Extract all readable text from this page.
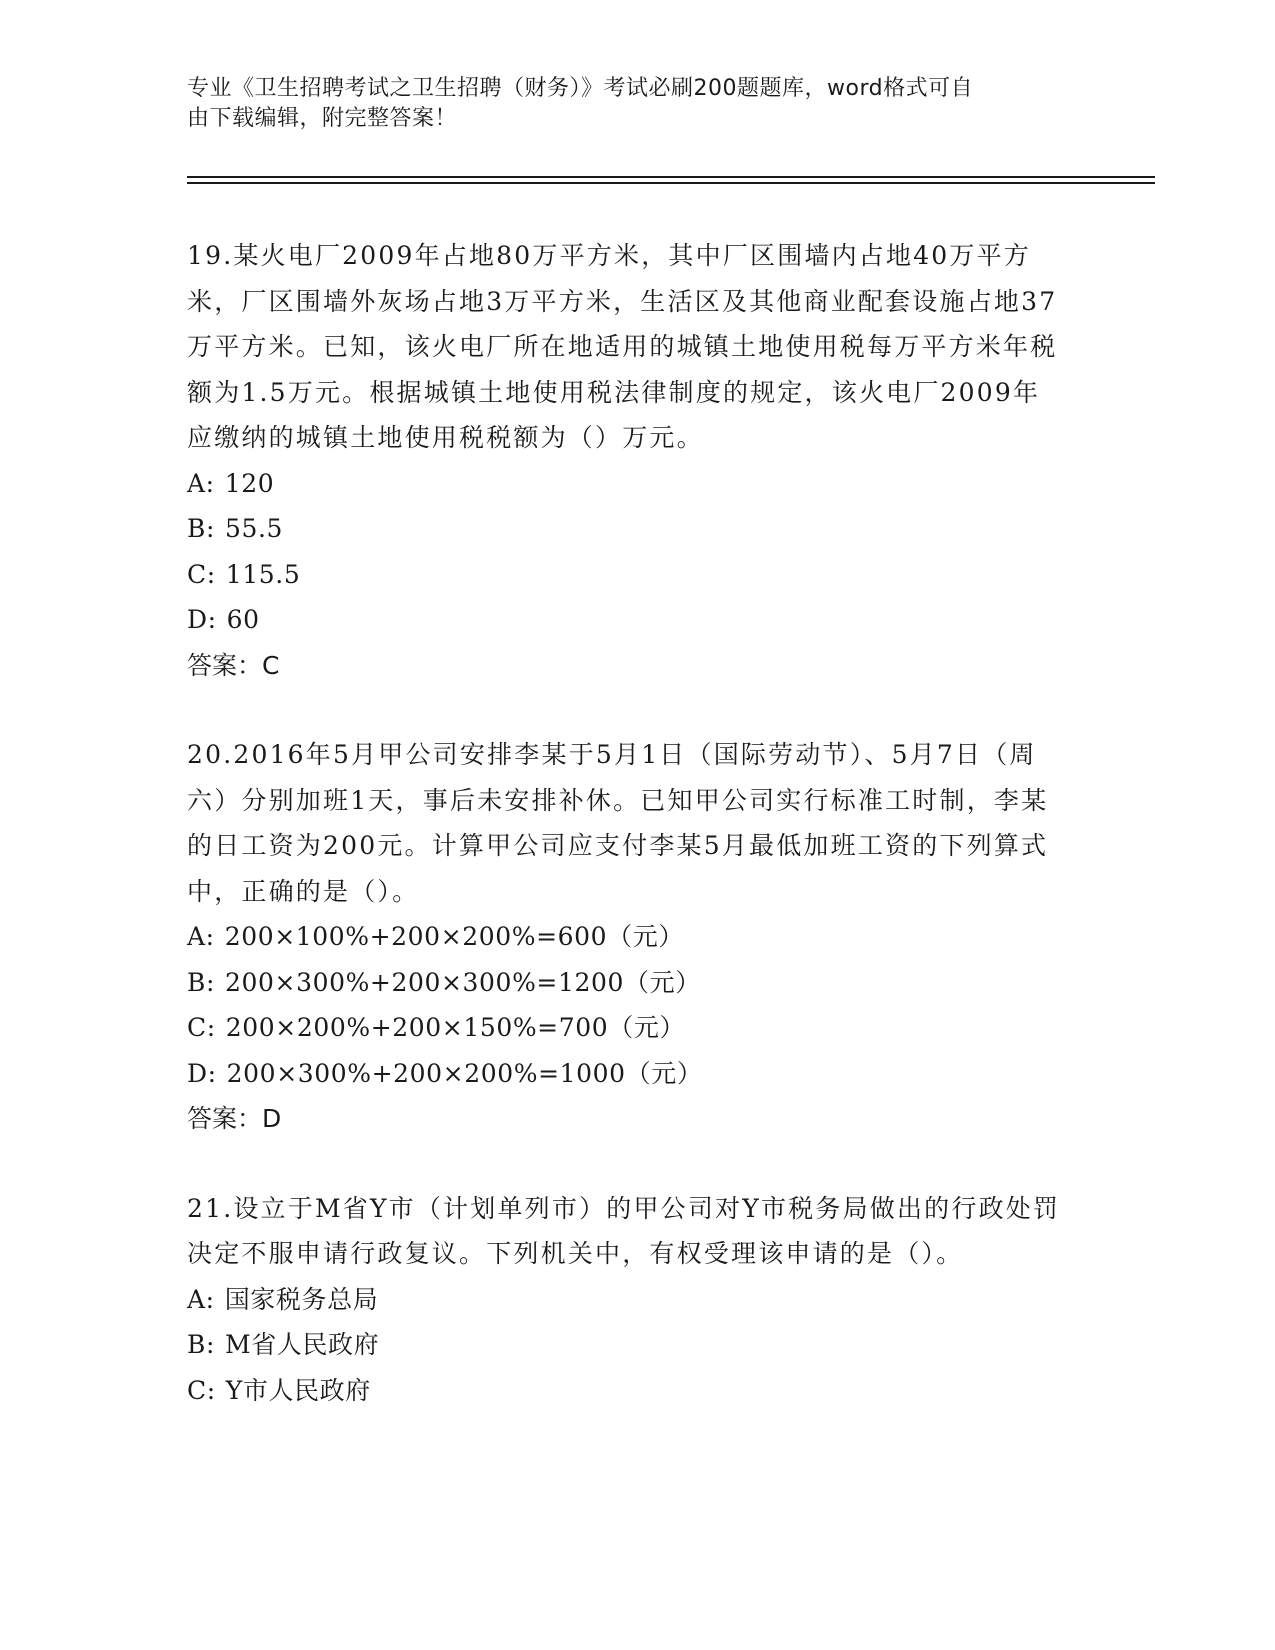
专业《卫生招聘考试之卫生招聘（财务）》考试必刷200题题库，word格式可自
由下载编辑，附完整答案！

19.某火电厂2009年占地80万平方米，其中厂区围墙内占地40万平方米，厂区围墙外灰场占地3万平方米，生活区及其他商业配套设施占地37万平方米。已知，该火电厂所在地适用的城镇土地使用税每万平方米年税额为1.5万元。根据城镇土地使用税法律制度的规定，该火电厂2009年应缴纳的城镇土地使用税税额为（）万元。

A: 120
B: 55.5
C: 115.5
D: 60

答案：C

20.2016年5月甲公司安排李某于5月1日（国际劳动节）、5月7日（周六）分别加班1天，事后未安排补休。已知甲公司实行标准工时制，李某的日工资为200元。计算甲公司应支付李某5月最低加班工资的下列算式中，正确的是（）。

A: 200×100%+200×200%=600（元）
B: 200×300%+200×300%=1200（元）
C: 200×200%+200×150%=700（元）
D: 200×300%+200×200%=1000（元）

答案：D

21.设立于M省Y市（计划单列市）的甲公司对Y市税务局做出的行政处罚决定不服申请行政复议。下列机关中，有权受理该申请的是（）。

A: 国家税务总局
B: M省人民政府
C: Y市人民政府
